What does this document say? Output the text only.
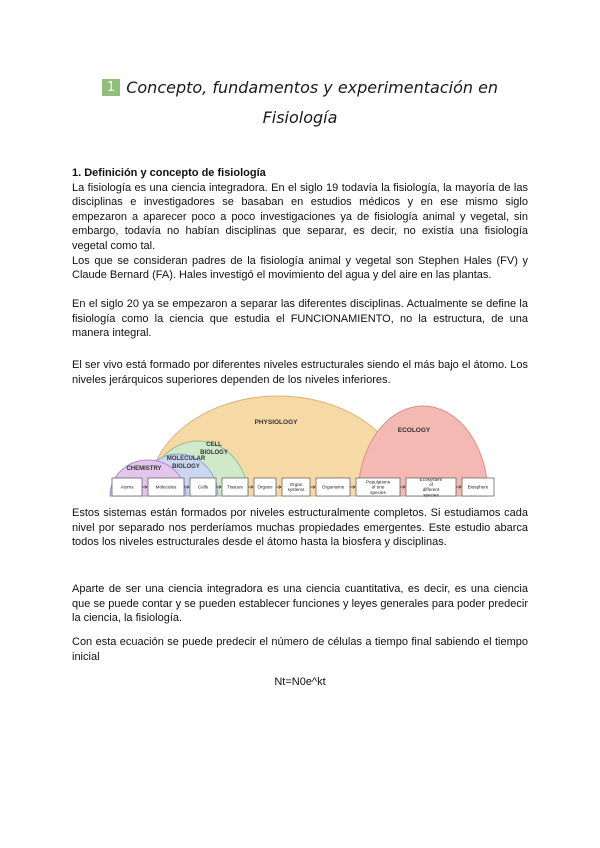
1 Concepto, fundamentos y experimentación en
Fisiología
1. Definición y concepto de fisiología
La fisiología es una ciencia integradora. En el siglo 19 todavía la fisiología, la mayoría de las disciplinas e investigadores se basaban en estudios médicos y en ese mismo siglo empezaron a aparecer poco a poco investigaciones ya de fisiología animal y vegetal, sin embargo, todavía no habían disciplinas que separar, es decir, no existía una fisiología vegetal como tal.
Los que se consideran padres de la fisiología animal y vegetal son Stephen Hales (FV) y Claude Bernard (FA). Hales investigó el movimiento del agua y del aire en las plantas.
En el siglo 20 ya se empezaron a separar las diferentes disciplinas. Actualmente se define la fisiología como la ciencia que estudia el FUNCIONAMIENTO, no la estructura, de una manera integral.
El ser vivo está formado por diferentes niveles estructurales siendo el más bajo el átomo. Los niveles jerárquicos superiores dependen de los niveles inferiores.
PHYSIOLOGY
ECOLOGY
CELL
BIOLOGY
MOLECULAR
BIOLOGY
CHEMISTRY
Atoms	Molecules	Cells	Tissues	Organs
Organ systems
Organisms
Populations of one species
Ecosystem of different species
Biosphere
Estos sistemas están formados por niveles estructuralmente completos. Si estudiamos cada nivel por separado nos perderíamos muchas propiedades emergentes. Este estudio abarca todos los niveles estructurales desde el átomo hasta la biosfera y disciplinas.
Aparte de ser una ciencia integradora es una ciencia cuantitativa, es decir, es una ciencia que se puede contar y se pueden establecer funciones y leyes generales para poder predecir la ciencia, la fisiología.
Con esta ecuación se puede predecir el número de células a tiempo final sabiendo el tiempo inicial
Nt=N0e^kt
